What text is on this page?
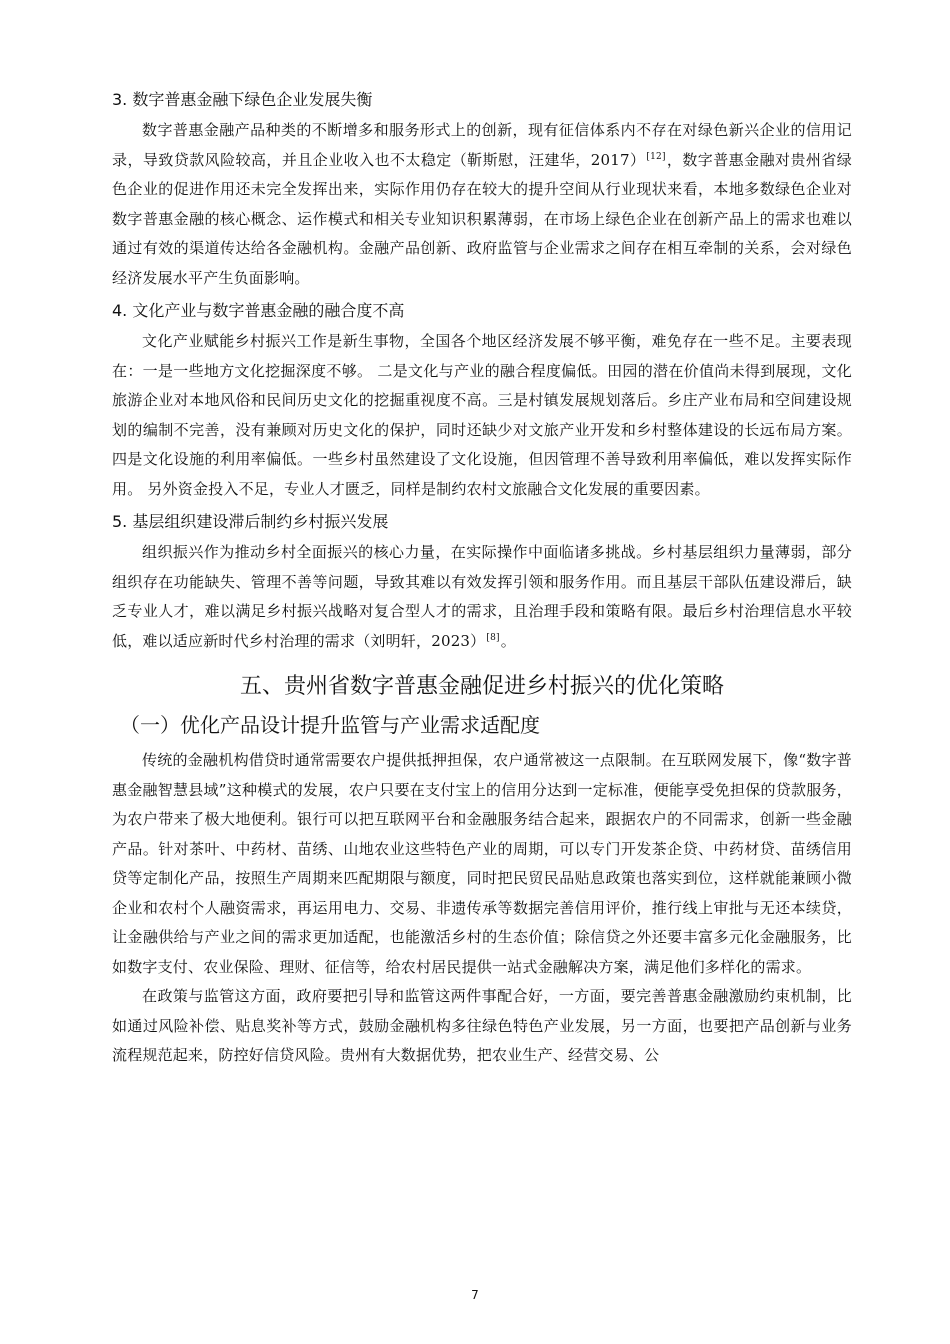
3. 数字普惠金融下绿色企业发展失衡

数字普惠金融产品种类的不断增多和服务形式上的创新，现有征信体系内不存在对绿色新兴企业的信用记录，导致贷款风险较高，并且企业收入也不太稳定（靳斯慰，汪建华，2017）[12]，数字普惠金融对贵州省绿色企业的促进作用还未完全发挥出来，实际作用仍存在较大的提升空间从行业现状来看，本地多数绿色企业对数字普惠金融的核心概念、运作模式和相关专业知识积累薄弱，在市场上绿色企业在创新产品上的需求也难以通过有效的渠道传达给各金融机构。金融产品创新、政府监管与企业需求之间存在相互牵制的关系，会对绿色经济发展水平产生负面影响。

4. 文化产业与数字普惠金融的融合度不高

文化产业赋能乡村振兴工作是新生事物，全国各个地区经济发展不够平衡，难免存在一些不足。主要表现在：一是一些地方文化挖掘深度不够。 二是文化与产业的融合程度偏低。田园的潜在价值尚未得到展现，文化旅游企业对本地风俗和民间历史文化的挖掘重视度不高。三是村镇发展规划落后。乡庄产业布局和空间建设规划的编制不完善，没有兼顾对历史文化的保护，同时还缺少对文旅产业开发和乡村整体建设的长远布局方案。 四是文化设施的利用率偏低。一些乡村虽然建设了文化设施，但因管理不善导致利用率偏低，难以发挥实际作用。 另外资金投入不足，专业人才匮乏，同样是制约农村文旅融合文化发展的重要因素。

5. 基层组织建设滞后制约乡村振兴发展

组织振兴作为推动乡村全面振兴的核心力量，在实际操作中面临诸多挑战。乡村基层组织力量薄弱，部分组织存在功能缺失、管理不善等问题，导致其难以有效发挥引领和服务作用。而且基层干部队伍建设滞后，缺乏专业人才，难以满足乡村振兴战略对复合型人才的需求，且治理手段和策略有限。最后乡村治理信息水平较低，难以适应新时代乡村治理的需求（刘明轩，2023）[8]。

五、贵州省数字普惠金融促进乡村振兴的优化策略
（一）优化产品设计提升监管与产业需求适配度

传统的金融机构借贷时通常需要农户提供抵押担保，农户通常被这一点限制。在互联网发展下，像“数字普惠金融智慧县域”这种模式的发展，农户只要在支付宝上的信用分达到一定标准，便能享受免担保的贷款服务，为农户带来了极大地便利。银行可以把互联网平台和金融服务结合起来，跟据农户的不同需求，创新一些金融产品。针对茶叶、中药材、苗绣、山地农业这些特色产业的周期，可以专门开发茶企贷、中药材贷、苗绣信用贷等定制化产品，按照生产周期来匹配期限与额度，同时把民贸民品贴息政策也落实到位，这样就能兼顾小微企业和农村个人融资需求，再运用电力、交易、非遗传承等数据完善信用评价，推行线上审批与无还本续贷，让金融供给与产业之间的需求更加适配，也能激活乡村的生态价值；除信贷之外还要丰富多元化金融服务，比如数字支付、农业保险、理财、征信等，给农村居民提供一站式金融解决方案，满足他们多样化的需求。

在政策与监管这方面，政府要把引导和监管这两件事配合好，一方面，要完善普惠金融激励约束机制，比如通过风险补偿、贴息奖补等方式，鼓励金融机构多往绿色特色产业发展，另一方面，也要把产品创新与业务流程规范起来，防控好信贷风险。贵州有大数据优势，把农业生产、经营交易、公

7
